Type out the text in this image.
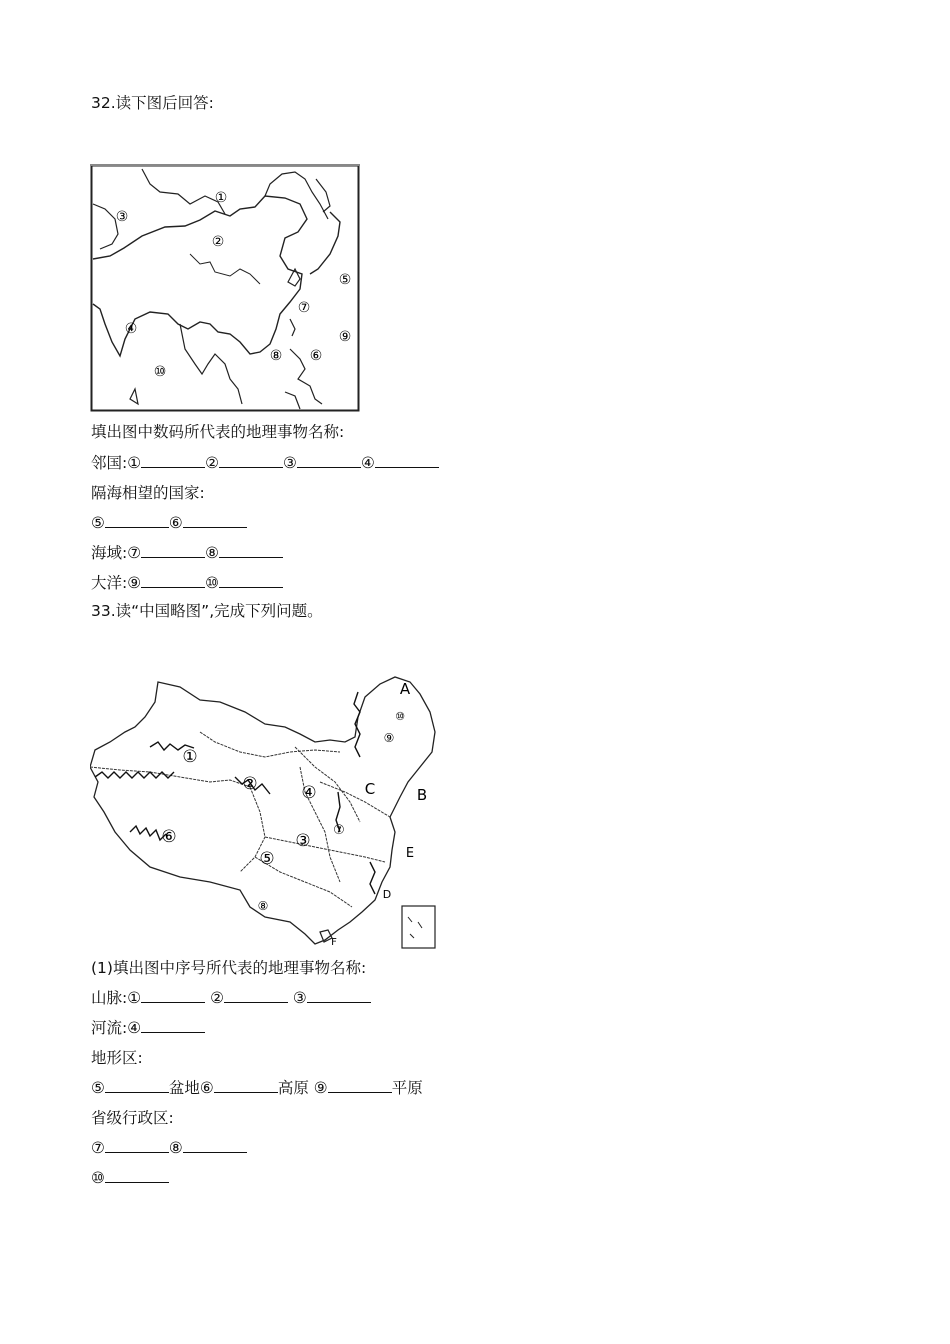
32.读下图后回答:
①
②
③
④
⑤
⑥
⑦
⑧
⑨
⑩
填出图中数码所代表的地理事物名称:
邻国:①	②	③	④
隔海相望的国家:
⑤	⑥
海域:⑦	⑧
大洋:⑨	⑩
33.读“中国略图”,完成下列问题。
①
②
③
④
⑤
⑥	⑦
⑧
⑨
⑩
A
B
C
D
E
F
(1)填出图中序号所代表的地理事物名称:
山脉:①	②	③
河流:④
地形区:
⑤	盆地⑥	高原 ⑨	平原
省级行政区:
⑦	⑧
⑩
